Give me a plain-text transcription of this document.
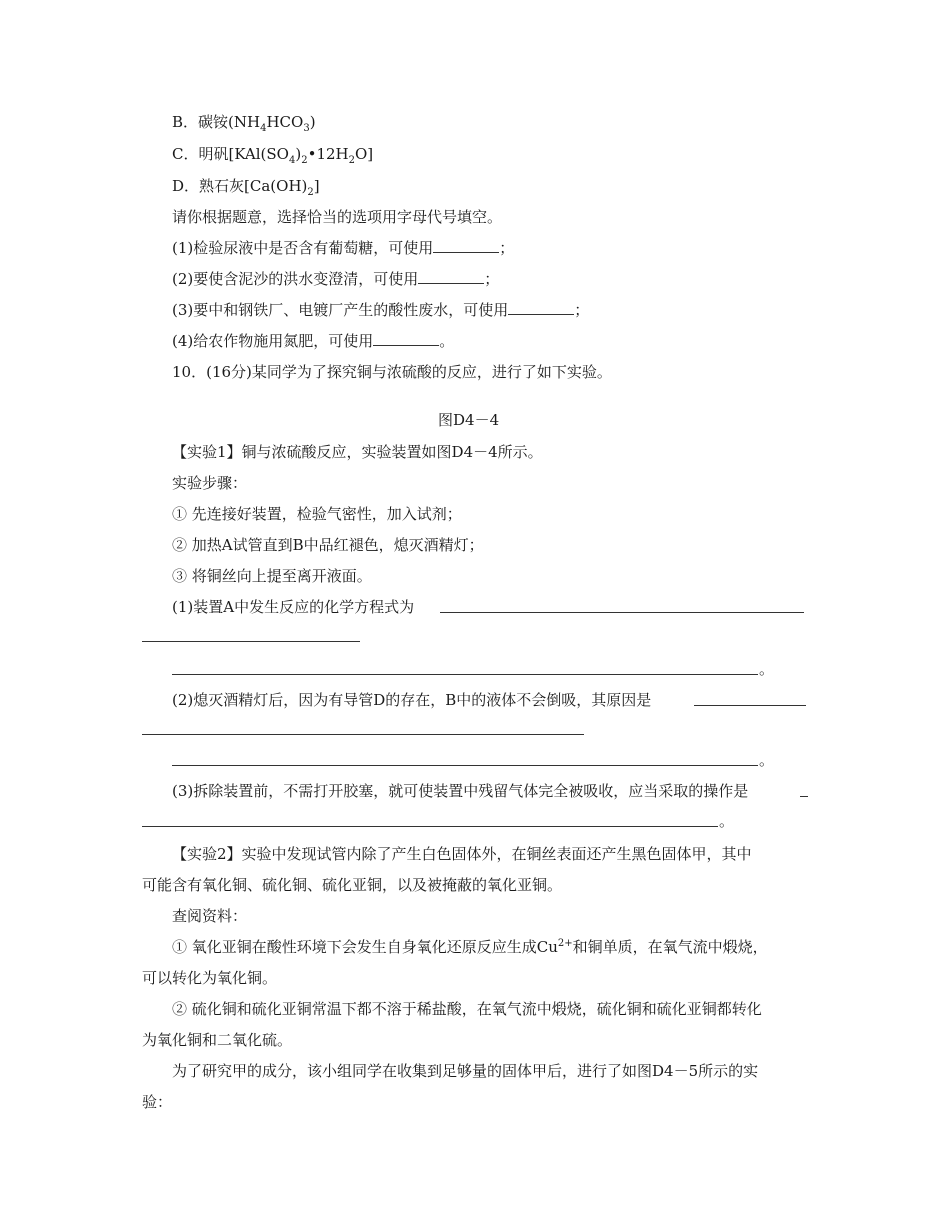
B．碳铵$(NH_4HCO_3)$
C．明矾$[KAl(SO_4)_2•12H_2O]$
D．熟石灰$[Ca(OH)_2]$
请你根据题意，选择恰当的选项用字母代号填空。
(1)检验尿液中是否含有葡萄糖，可使用	；
(2)要使含泥沙的洪水变澄清，可使用	；
(3)要中和钢铁厂、电镀厂产生的酸性废水，可使用	；
(4)给农作物施用氮肥，可使用	。
10．(16分)某同学为了探究铜与浓硫酸的反应，进行了如下实验。
图D4－4
【实验1】铜与浓硫酸反应，实验装置如图D4－4所示。
实验步骤：
① 先连接好装置，检验气密性，加入试剂；
② 加热A试管直到B中品红褪色，熄灭酒精灯；
③ 将铜丝向上提至离开液面。
(1)装置A中发生反应的化学方程式为
。
(2)熄灭酒精灯后，因为有导管D的存在，B中的液体不会倒吸，其原因是
。
(3)拆除装置前，不需打开胶塞，就可使装置中残留气体完全被吸收，应当采取的操作是
。
【实验2】实验中发现试管内除了产生白色固体外，在铜丝表面还产生黑色固体甲，其中
可能含有氧化铜、硫化铜、硫化亚铜，以及被掩蔽的氧化亚铜。
查阅资料：
① 氧化亚铜在酸性环境下会发生自身氧化还原反应生成$Cu^{2+}$和铜单质，在氧气流中煅烧，
可以转化为氧化铜。
② 硫化铜和硫化亚铜常温下都不溶于稀盐酸，在氧气流中煅烧，硫化铜和硫化亚铜都转化
为氧化铜和二氧化硫。
为了研究甲的成分，该小组同学在收集到足够量的固体甲后，进行了如图D4－5所示的实
验：
